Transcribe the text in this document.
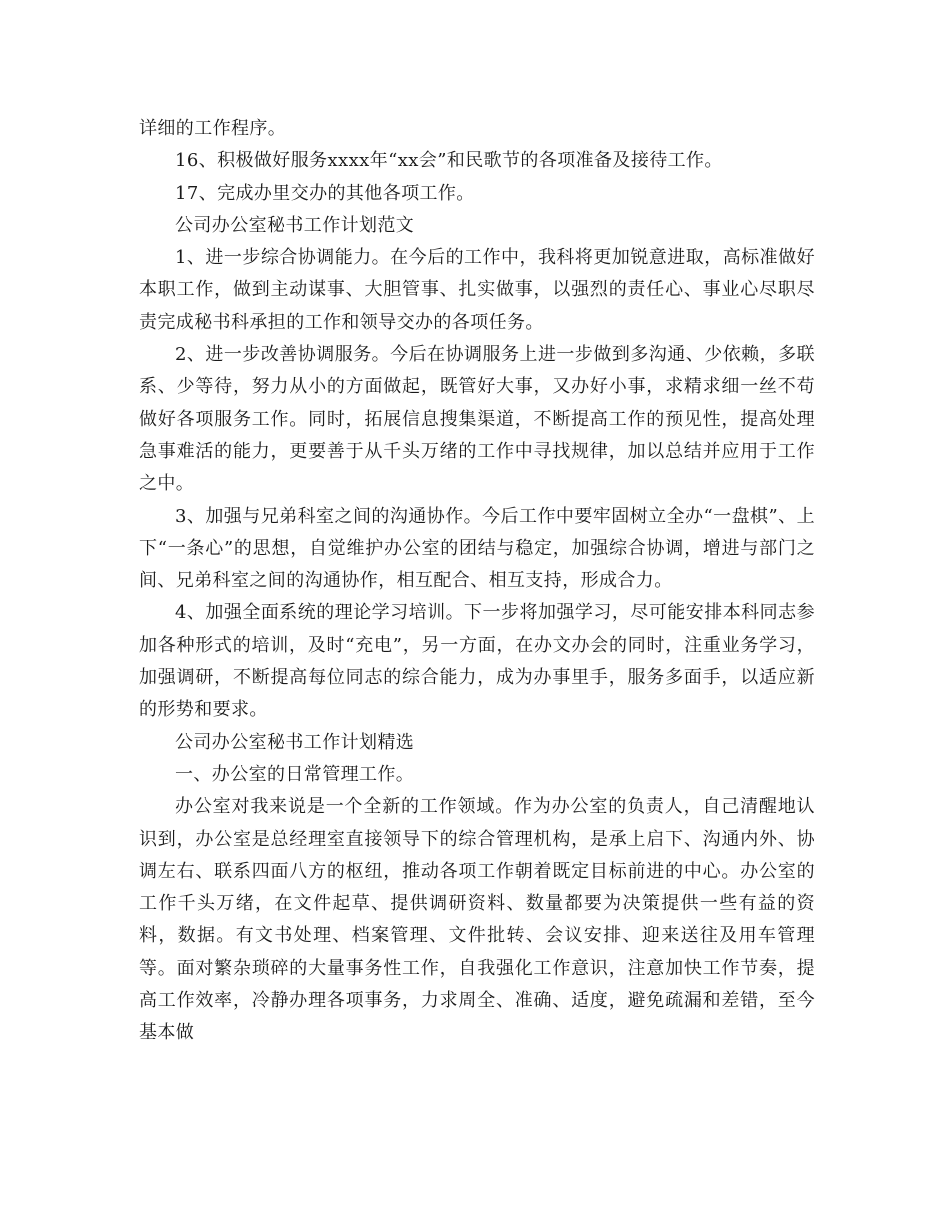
详细的工作程序。

16、积极做好服务xxxx年“xx会”和民歌节的各项准备及接待工作。

17、完成办里交办的其他各项工作。

公司办公室秘书工作计划范文

1、进一步综合协调能力。在今后的工作中，我科将更加锐意进取，高标准做好本职工作，做到主动谋事、大胆管事、扎实做事，以强烈的责任心、事业心尽职尽责完成秘书科承担的工作和领导交办的各项任务。

2、进一步改善协调服务。今后在协调服务上进一步做到多沟通、少依赖，多联系、少等待，努力从小的方面做起，既管好大事，又办好小事，求精求细一丝不苟做好各项服务工作。同时，拓展信息搜集渠道，不断提高工作的预见性，提高处理急事难活的能力，更要善于从千头万绪的工作中寻找规律，加以总结并应用于工作之中。

3、加强与兄弟科室之间的沟通协作。今后工作中要牢固树立全办“一盘棋”、上下“一条心”的思想，自觉维护办公室的团结与稳定，加强综合协调，增进与部门之间、兄弟科室之间的沟通协作，相互配合、相互支持，形成合力。

4、加强全面系统的理论学习培训。下一步将加强学习，尽可能安排本科同志参加各种形式的培训，及时“充电”，另一方面，在办文办会的同时，注重业务学习，加强调研，不断提高每位同志的综合能力，成为办事里手，服务多面手，以适应新的形势和要求。

公司办公室秘书工作计划精选

一、办公室的日常管理工作。

办公室对我来说是一个全新的工作领域。作为办公室的负责人，自己清醒地认识到，办公室是总经理室直接领导下的综合管理机构，是承上启下、沟通内外、协调左右、联系四面八方的枢纽，推动各项工作朝着既定目标前进的中心。办公室的工作千头万绪，在文件起草、提供调研资料、数量都要为决策提供一些有益的资料，数据。有文书处理、档案管理、文件批转、会议安排、迎来送往及用车管理等。面对繁杂琐碎的大量事务性工作，自我强化工作意识，注意加快工作节奏，提高工作效率，冷静办理各项事务，力求周全、准确、适度，避免疏漏和差错，至今基本做
